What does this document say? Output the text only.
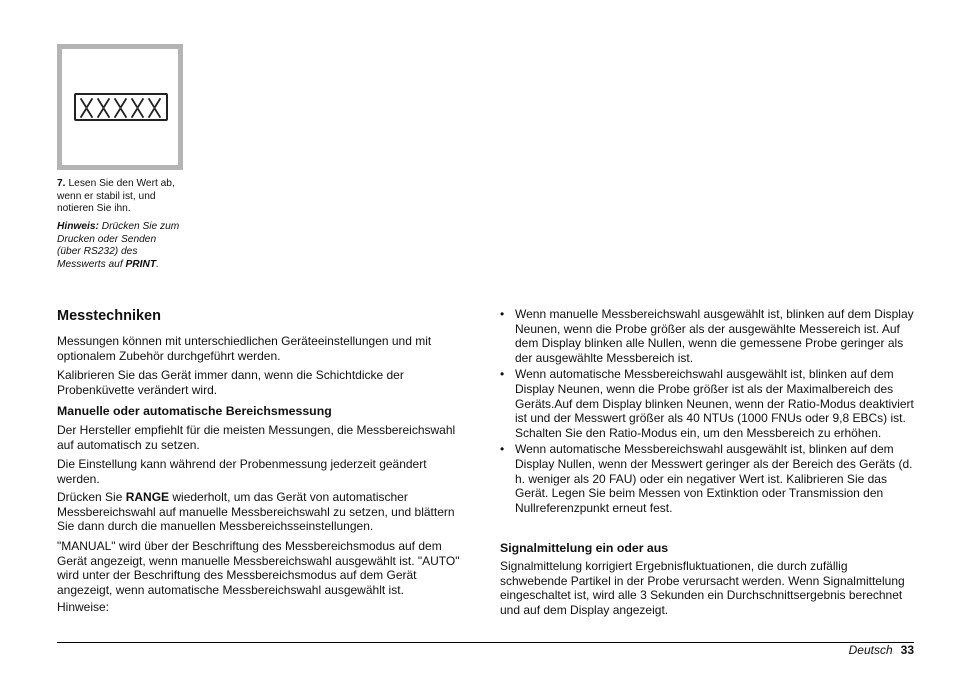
7. Lesen Sie den Wert ab, wenn er stabil ist, und notieren Sie ihn.
Hinweis: Drücken Sie zum Drucken oder Senden (über RS232) des Messwerts auf PRINT.
Messtechniken

Messungen können mit unterschiedlichen Geräteeinstellungen und mit optionalem Zubehör durchgeführt werden.

Kalibrieren Sie das Gerät immer dann, wenn die Schichtdicke der Probenküvette verändert wird.

Manuelle oder automatische Bereichsmessung

Der Hersteller empfiehlt für die meisten Messungen, die Messbereichswahl auf automatisch zu setzen.

Die Einstellung kann während der Probenmessung jederzeit geändert werden.

Drücken Sie RANGE wiederholt, um das Gerät von automatischer Messbereichswahl auf manuelle Messbereichswahl zu setzen, und blättern Sie dann durch die manuellen Messbereichsseinstellungen.

"MANUAL" wird über der Beschriftung des Messbereichsmodus auf dem Gerät angezeigt, wenn manuelle Messbereichswahl ausgewählt ist. "AUTO" wird unter der Beschriftung des Messbereichsmodus auf dem Gerät angezeigt, wenn automatische Messbereichswahl ausgewählt ist.

Hinweise:

• Wenn manuelle Messbereichswahl ausgewählt ist, blinken auf dem Display Neunen, wenn die Probe größer als der ausgewählte Messereich ist. Auf dem Display blinken alle Nullen, wenn die gemessene Probe geringer als der ausgewählte Messbereich ist.
• Wenn automatische Messbereichswahl ausgewählt ist, blinken auf dem Display Neunen, wenn die Probe größer ist als der Maximalbereich des Geräts.Auf dem Display blinken Neunen, wenn der Ratio-Modus deaktiviert ist und der Messwert größer als 40 NTUs (1000 FNUs oder 9,8 EBCs) ist. Schalten Sie den Ratio-Modus ein, um den Messbereich zu erhöhen.
• Wenn automatische Messbereichswahl ausgewählt ist, blinken auf dem Display Nullen, wenn der Messwert geringer als der Bereich des Geräts (d. h. weniger als 20 FAU) oder ein negativer Wert ist. Kalibrieren Sie das Gerät. Legen Sie beim Messen von Extinktion oder Transmission den Nullreferenzpunkt erneut fest.
Signalmittelung ein oder aus

Signalmittelung korrigiert Ergebnisfluktuationen, die durch zufällig schwebende Partikel in der Probe verursacht werden. Wenn Signalmittelung eingeschaltet ist, wird alle 3 Sekunden ein Durchschnittsergebnis berechnet und auf dem Display angezeigt.

Deutsch 33
